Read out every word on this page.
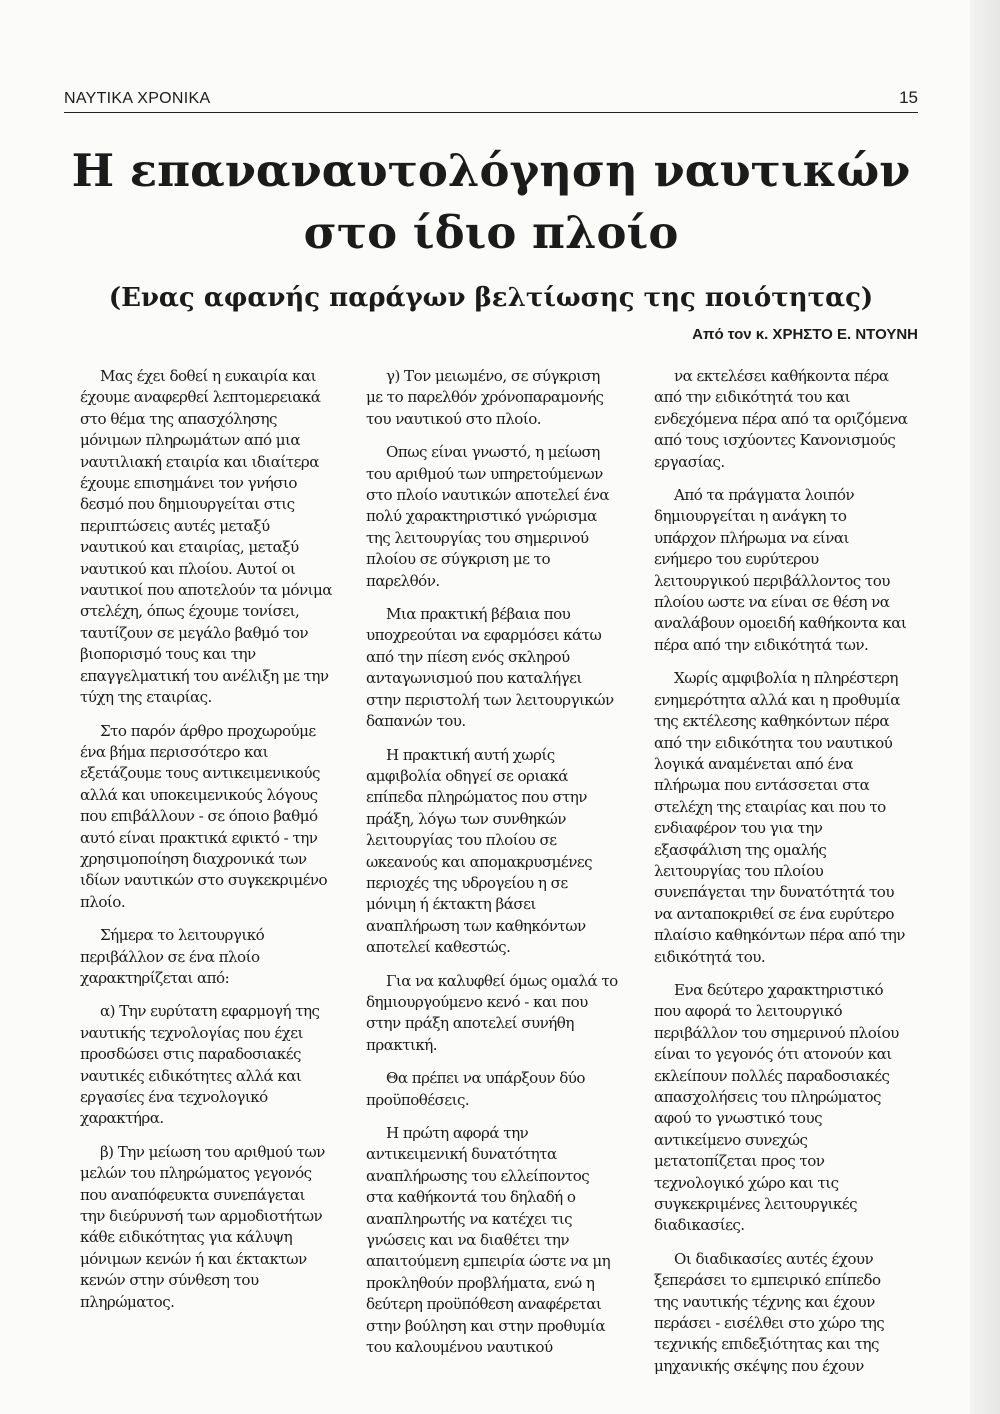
ΝΑΥΤΙΚΑ ΧΡΟΝΙΚΑ	15
Η επαναναυτολόγηση ναυτικών
στο ίδιο πλοίο
(Ενας αφανής παράγων βελτίωσης της ποιότητας)
Από τον κ. ΧΡΗΣΤΟ Ε. ΝΤΟΥΝΗ

Μας έχει δοθεί η ευκαιρία και έχουμε αναφερθεί λεπτομερειακά στο θέμα της απασχόλησης μόνιμων πληρωμάτων από μια ναυτιλιακή εταιρία και ιδιαίτερα έχουμε επισημάνει τον γνήσιο δεσμό που δημιουργείται στις περιπτώσεις αυτές μεταξύ ναυτικού και εταιρίας, μεταξύ ναυτικού και πλοίου. Αυτοί οι ναυτικοί που αποτελούν τα μόνιμα στελέχη, όπως έχουμε τονίσει, ταυτίζουν σε μεγάλο βαθμό τον βιοπορισμό τους και την επαγγελματική του ανέλιξη με την τύχη της εταιρίας.

Στο παρόν άρθρο προχωρούμε ένα βήμα περισσότερο και εξετάζουμε τους αντικειμενικούς αλλά και υποκειμενικούς λόγους που επιβάλλουν - σε όποιο βαθμό αυτό είναι πρακτικά εφικτό - την χρησιμοποίηση διαχρονικά των ιδίων ναυτικών στο συγκεκριμένο πλοίο.

Σήμερα το λειτουργικό περιβάλλον σε ένα πλοίο χαρακτηρίζεται από:

α) Την ευρύτατη εφαρμογή της ναυτικής τεχνολογίας που έχει προσδώσει στις παραδοσιακές ναυτικές ειδικότητες αλλά και εργασίες ένα τεχνολογικό χαρακτήρα.

β) Την μείωση του αριθμού των μελών του πληρώματος γεγονός που αναπόφευκτα συνεπάγεται την διεύρυνσή των αρμοδιοτήτων κάθε ειδικότητας για κάλυψη μόνιμων κενών ή και έκτακτων κενών στην σύνθεση του πληρώματος.

γ) Τον μειωμένο, σε σύγκριση με το παρελθόν χρόνοπαραμονής του ναυτικού στο πλοίο.

Οπως είναι γνωστό, η μείωση του αριθμού των υπηρετούμενων στο πλοίο ναυτικών αποτελεί ένα πολύ χαρακτηριστικό γνώρισμα της λειτουργίας του σημερινού πλοίου σε σύγκριση με το παρελθόν.

Μια πρακτική βέβαια που υποχρεούται να εφαρμόσει κάτω από την πίεση ενός σκληρού ανταγωνισμού που καταλήγει στην περιστολή των λειτουργικών δαπανών του.

Η πρακτική αυτή χωρίς αμφιβολία οδηγεί σε οριακά επίπεδα πληρώματος που στην πράξη, λόγω των συνθηκών λειτουργίας του πλοίου σε ωκεανούς και απομακρυσμένες περιοχές της υδρογείου η σε μόνιμη ή έκτακτη βάσει αναπλήρωση των καθηκόντων αποτελεί καθεστώς.

Για να καλυφθεί όμως ομαλά το δημιουργούμενο κενό - και που στην πράξη αποτελεί συνήθη πρακτική.

Θα πρέπει να υπάρξουν δύο προϋποθέσεις.

Η πρώτη αφορά την αντικειμενική δυνατότητα αναπλήρωσης του ελλείποντος στα καθήκοντά του δηλαδή ο αναπληρωτής να κατέχει τις γνώσεις και να διαθέτει την απαιτούμενη εμπειρία ώστε να μη προκληθούν προβλήματα, ενώ η δεύτερη προϋπόθεση αναφέρεται στην βούληση και στην προθυμία του καλουμένου ναυτικού

να εκτελέσει καθήκοντα πέρα από την ειδικότητά του και ενδεχόμενα πέρα από τα οριζόμενα από τους ισχύοντες Κανονισμούς εργασίας.

Από τα πράγματα λοιπόν δημιουργείται η ανάγκη το υπάρχον πλήρωμα να είναι ενήμερο του ευρύτερου λειτουργικού περιβάλλοντος του πλοίου ωστε να είναι σε θέση να αναλάβουν ομοειδή καθήκοντα και πέρα από την ειδικότητά των.

Χωρίς αμφιβολία η πληρέστερη ενημερότητα αλλά και η προθυμία της εκτέλεσης καθηκόντων πέρα από την ειδικότητα του ναυτικού λογικά αναμένεται από ένα πλήρωμα που εντάσσεται στα στελέχη της εταιρίας και που το ενδιαφέρον του για την εξασφάλιση της ομαλής λειτουργίας του πλοίου συνεπάγεται την δυνατότητά του να ανταποκριθεί σε ένα ευρύτερο πλαίσιο καθηκόντων πέρα από την ειδικότητά του.

Ενα δεύτερο χαρακτηριστικό που αφορά το λειτουργικό περιβάλλον του σημερινού πλοίου είναι το γεγονός ότι ατονούν και εκλείπουν πολλές παραδοσιακές απασχολήσεις του πληρώματος αφού το γνωστικό τους αντικείμενο συνεχώς μετατοπίζεται προς τον τεχνολογικό χώρο και τις συγκεκριμένες λειτουργικές διαδικασίες.

Οι διαδικασίες αυτές έχουν ξεπεράσει το εμπειρικό επίπεδο της ναυτικής τέχνης και έχουν περάσει - εισέλθει στο χώρο της τεχνικής επιδεξιότητας και της μηχανικής σκέψης που έχουν
